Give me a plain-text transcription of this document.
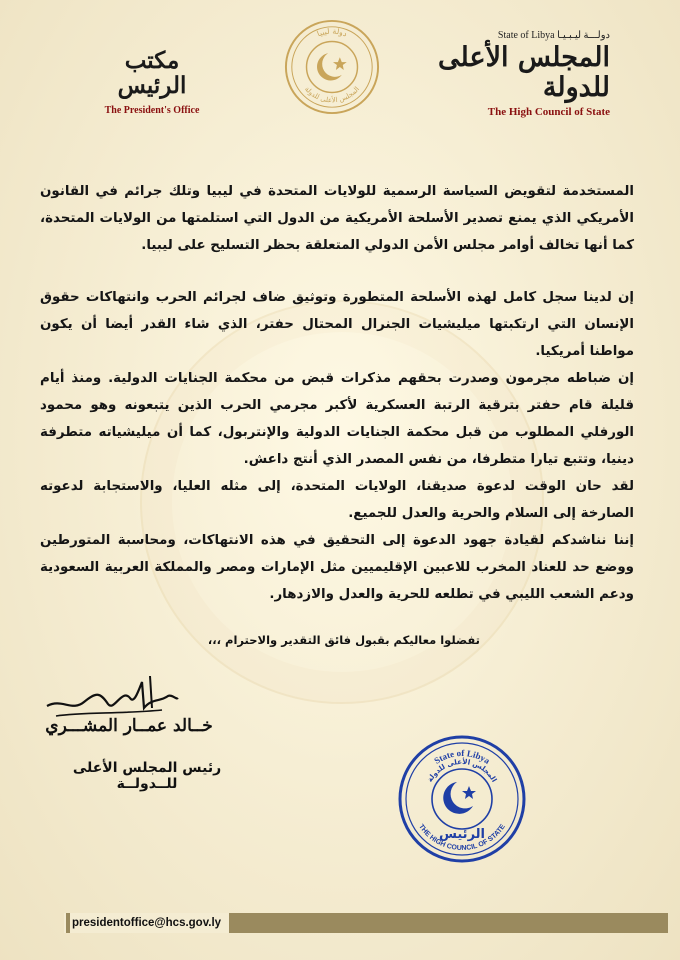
State of Libya دولـــة ليـبـيـا
المجلس الأعلى للدولة
The High Council of State
دولة ليبيا
المجلس الأعلى للدولة
مكتب الرئيس
The President's Office

المستخدمة لتقويض السياسة الرسمية للولايات المتحدة في ليبيا وتلك جرائم في القانون الأمريكي الذي يمنع تصدير الأسلحة الأمريكية من الدول التي استلمتها من الولايات المتحدة، كما أنها تخالف أوامر مجلس الأمن الدولي المتعلقة بحظر التسليح على ليبيا.

إن لدينا سجل كامل لهذه الأسلحة المتطورة وتوثيق ضاف لجرائم الحرب وانتهاكات حقوق الإنسان التي ارتكبتها ميليشيات الجنرال المحتال حفتر، الذي شاء القدر أيضا أن يكون مواطنا أمريكيا.

إن ضباطه مجرمون وصدرت بحقهم مذكرات قبض من محكمة الجنايات الدولية. ومنذ أيام قليلة قام حفتر بترقية الرتبة العسكرية لأكبر مجرمي الحرب الذين يتبعونه وهو محمود الورفلي المطلوب من قبل محكمة الجنايات الدولية والإنتربول، كما أن ميليشياته متطرفة دينيا، وتتبع تيارا متطرفا، من نفس المصدر الذي أنتج داعش.

لقد حان الوقت لدعوة صديقنا، الولايات المتحدة، إلى مثله العليا، والاستجابة لدعوته الصارخة إلى السلام والحرية والعدل للجميع.

إننا نناشدكم لقيادة جهود الدعوة إلى التحقيق في هذه الانتهاكات، ومحاسبة المتورطين ووضع حد للعناد المخرب للاعبين الإقليميين مثل الإمارات ومصر والمملكة العربية السعودية ودعم الشعب الليبي في تطلعه للحرية والعدل والازدهار.

تفضلوا معاليكم بقبول فائق التقدير والاحترام ،،،
خــالد عمــار المشـــري
رئيس المجلس الأعلى للــدولــة
State of Libya
المجلس الأعلى للدولة
THE HIGH COUNCIL OF STATE
الرئيس
presidentoffice@hcs.gov.ly
